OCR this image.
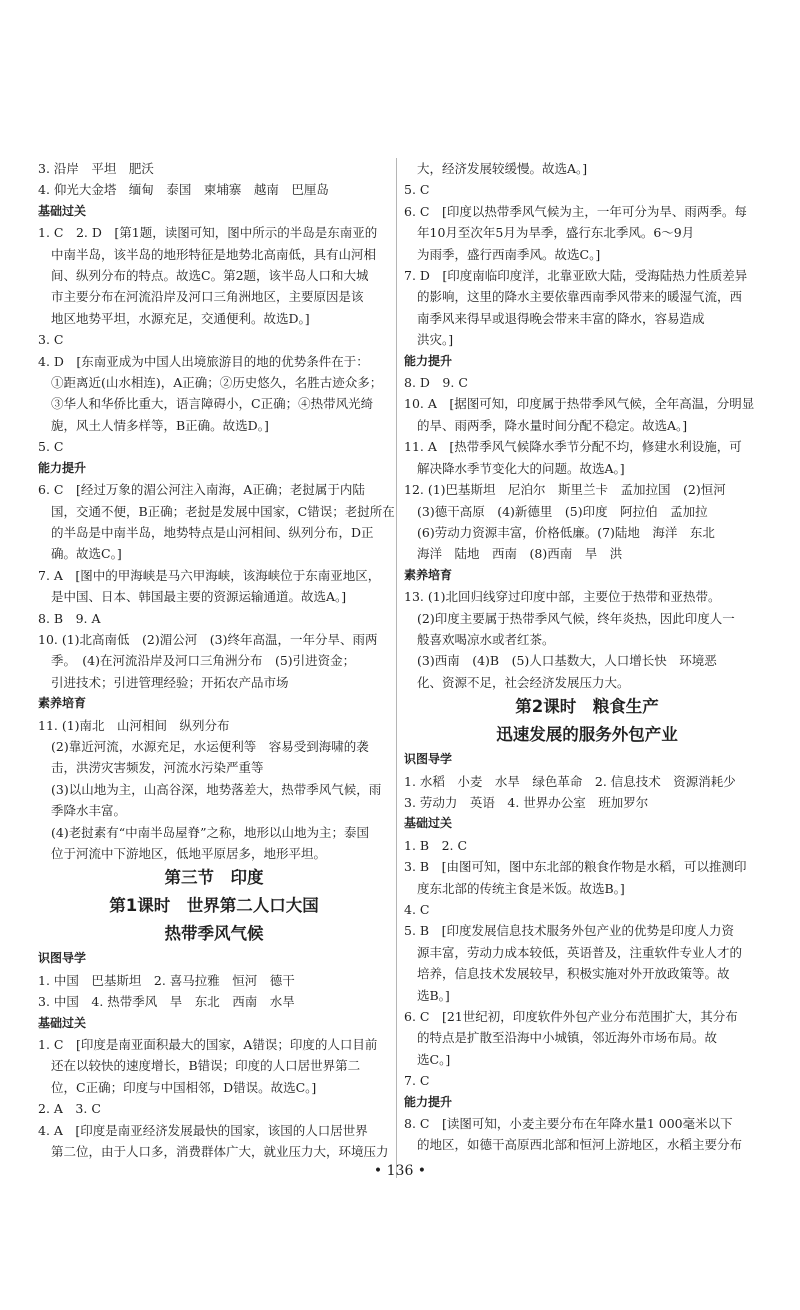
3. 沿岸　平坦　肥沃
4. 仰光大金塔　缅甸　泰国　柬埔寨　越南　巴厘岛
基础过关
1. C　2. D　[第1题，读图可知，图中所示的半岛是东南亚的
中南半岛，该半岛的地形特征是地势北高南低，具有山河相
间、纵列分布的特点。故选C。第2题，该半岛人口和大城
市主要分布在河流沿岸及河口三角洲地区，主要原因是该
地区地势平坦，水源充足，交通便利。故选D。]
3. C
4. D　[东南亚成为中国人出境旅游目的地的优势条件在于：
①距离近(山水相连)，A正确；②历史悠久，名胜古迹众多；
③华人和华侨比重大，语言障碍小，C正确；④热带风光绮
旎，风土人情多样等，B正确。故选D。]
5. C
能力提升
6. C　[经过万象的湄公河注入南海，A正确；老挝属于内陆
国，交通不便，B正确；老挝是发展中国家，C错误；老挝所在
的半岛是中南半岛，地势特点是山河相间、纵列分布，D正
确。故选C。]
7. A　[图中的甲海峡是马六甲海峡，该海峡位于东南亚地区，
是中国、日本、韩国最主要的资源运输通道。故选A。]
8. B　9. A
10. (1)北高南低　(2)湄公河　(3)终年高温，一年分旱、雨两
季。　(4)在河流沿岸及河口三角洲分布　(5)引进资金；
引进技术；引进管理经验；开拓农产品市场
素养培育
11. (1)南北　山河相间　纵列分布
(2)靠近河流，水源充足，水运便利等　容易受到海啸的袭
击，洪涝灾害频发，河流水污染严重等
(3)以山地为主，山高谷深，地势落差大，热带季风气候，雨
季降水丰富。
(4)老挝素有“中南半岛屋脊”之称，地形以山地为主；泰国
位于河流中下游地区，低地平原居多，地形平坦。
第三节　印度
第1课时　世界第二人口大国
热带季风气候
识图导学
1. 中国　巴基斯坦　2. 喜马拉雅　恒河　德干
3. 中国　4. 热带季风　旱　东北　西南　水旱
基础过关
1. C　[印度是南亚面积最大的国家，A错误；印度的人口目前
还在以较快的速度增长，B错误；印度的人口居世界第二
位，C正确；印度与中国相邻，D错误。故选C。]
2. A　3. C
4. A　[印度是南亚经济发展最快的国家，该国的人口居世界
第二位，由于人口多，消费群体广大，就业压力大，环境压力
大，经济发展较缓慢。故选A。]
5. C
6. C　[印度以热带季风气候为主，一年可分为旱、雨两季。每
年10月至次年5月为旱季，盛行东北季风。6～9月
为雨季，盛行西南季风。故选C。]
7. D　[印度南临印度洋，北靠亚欧大陆，受海陆热力性质差异
的影响，这里的降水主要依靠西南季风带来的暖湿气流，西
南季风来得早或退得晚会带来丰富的降水，容易造成
洪灾。]
能力提升
8. D　9. C
10. A　[据图可知，印度属于热带季风气候，全年高温，分明显
的旱、雨两季，降水量时间分配不稳定。故选A。]
11. A　[热带季风气候降水季节分配不均，修建水利设施，可
解决降水季节变化大的问题。故选A。]
12. (1)巴基斯坦　尼泊尔　斯里兰卡　孟加拉国　(2)恒河
(3)德干高原　(4)新德里　(5)印度　阿拉伯　孟加拉
(6)劳动力资源丰富，价格低廉。(7)陆地　海洋　东北
海洋　陆地　西南　(8)西南　旱　洪
素养培育
13. (1)北回归线穿过印度中部，主要位于热带和亚热带。
(2)印度主要属于热带季风气候，终年炎热，因此印度人一
般喜欢喝凉水或者红茶。
(3)西南　(4)B　(5)人口基数大，人口增长快　环境恶
化、资源不足，社会经济发展压力大。
第2课时　粮食生产
迅速发展的服务外包产业
识图导学
1. 水稻　小麦　水旱　绿色革命　2. 信息技术　资源消耗少
3. 劳动力　英语　4. 世界办公室　班加罗尔
基础过关
1. B　2. C
3. B　[由图可知，图中东北部的粮食作物是水稻，可以推测印
度东北部的传统主食是米饭。故选B。]
4. C
5. B　[印度发展信息技术服务外包产业的优势是印度人力资
源丰富，劳动力成本较低，英语普及，注重软件专业人才的
培养，信息技术发展较早，积极实施对外开放政策等。故
选B。]
6. C　[21世纪初，印度软件外包产业分布范围扩大，其分布
的特点是扩散至沿海中小城镇，邻近海外市场布局。故
选C。]
7. C
能力提升
8. C　[读图可知，小麦主要分布在年降水量1 000毫米以下
的地区，如德干高原西北部和恒河上游地区，水稻主要分布
• 136 •
